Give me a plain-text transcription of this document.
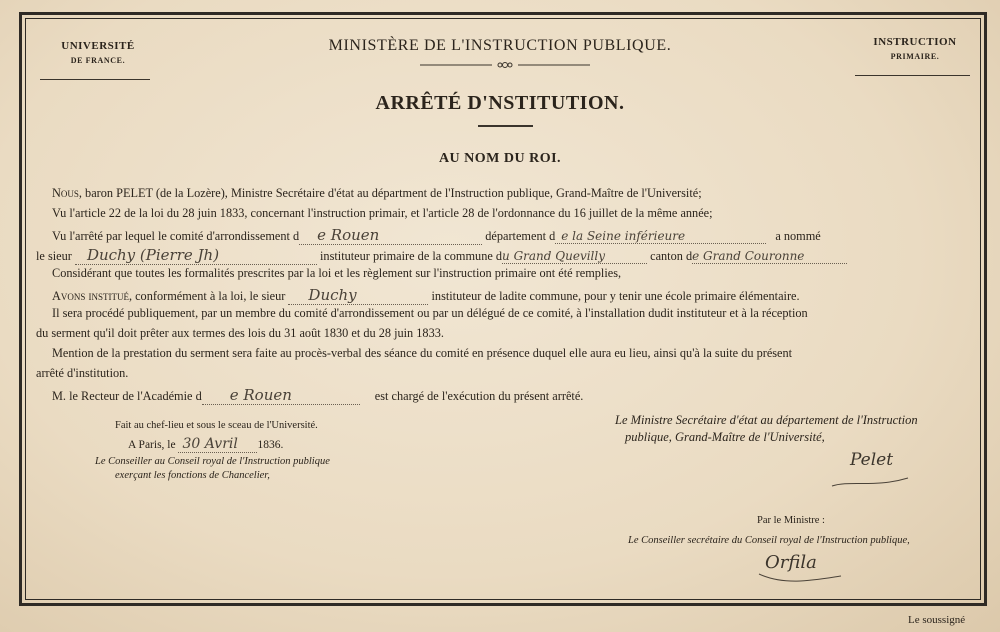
UNIVERSITÉ
DE FRANCE.
INSTRUCTION
PRIMAIRE.
MINISTÈRE DE L'INSTRUCTION PUBLIQUE.
ARRÊTÉ D'NSTITUTION.
AU NOM DU ROI.
Nous, baron PELET (de la Lozère), Ministre Secrétaire d'état au départment de l'Instruction publique, Grand-Maître de l'Université;
Vu l'article 22 de la loi du 28 juin 1833, concernant l'instruction primair, et l'article 28 de l'ordonnance du 16 juillet de la même année;
Vu l'arrêté par lequel le comité d'arrondissement d e Rouen	département d e la Seine inférieure	a nommé
le sieur Duchy (Pierre Jh)	instituteur primaire de la commune du Grand Quevilly	canton de Grand Couronne
Considérant que toutes les formalités prescrites par la loi et les règlement sur l'instruction primaire ont été remplies,
Avons institué, conformément à la loi, le sieur Duchy	instituteur de ladite commune, pour y tenir une école primaire élémentaire.
Il sera procédé publiquement, par un membre du comité d'arrondissement ou par un délégué de ce comité, à l'installation dudit instituteur et à la réception
du serment qu'il doit prêter aux termes des lois du 31 août 1830 et du 28 juin 1833.
Mention de la prestation du serment sera faite au procès-verbal des séance du comité en présence duquel elle aura eu lieu, ainsi qu'à la suite du présent
arrêté d'institution.
M. le Recteur de l'Académie d e Rouen	est chargé de l'exécution du présent arrêté.
Fait au chef-lieu et sous le sceau de l'Université.
A Paris, le 30 Avril 1836.
Le Conseiller au Conseil royal de l'Instruction publique
exerçant les fonctions de Chancelier,
Le Ministre Secrétaire d'état au département de l'Instruction
publique, Grand-Maître de l'Université,
Pelet
Par le Ministre :
Le Conseiller secrétaire du Conseil royal de l'Instruction publique,
Orfila
Le soussigné
